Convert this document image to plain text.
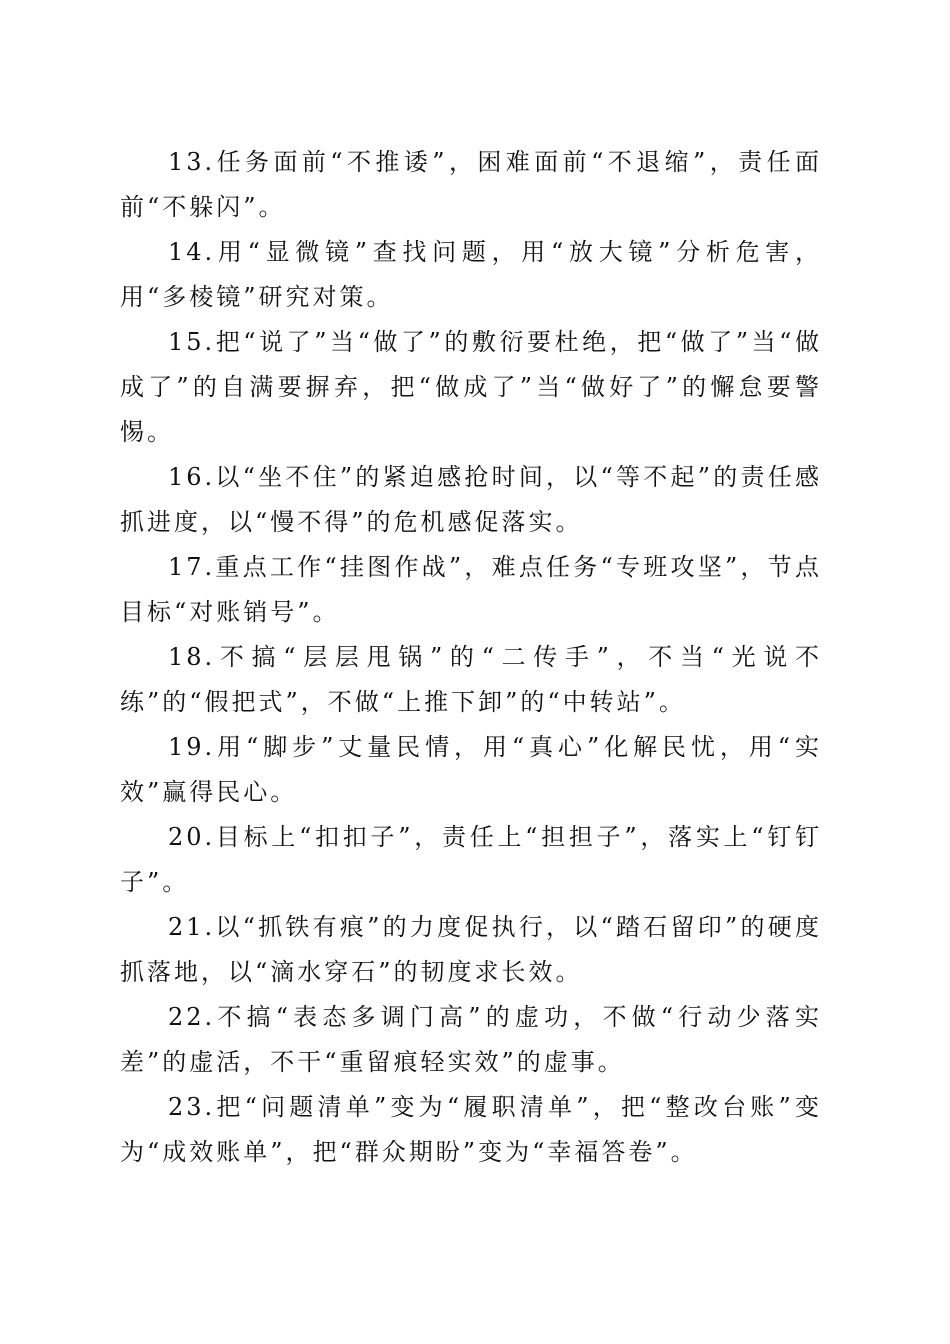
13.任务面前“不推诿”，困难面前“不退缩”，责任面前“不躲闪”。

14.用“显微镜”查找问题，用“放大镜”分析危害，用“多棱镜”研究对策。

15.把“说了”当“做了”的敷衍要杜绝，把“做了”当“做成了”的自满要摒弃，把“做成了”当“做好了”的懈怠要警惕。

16.以“坐不住”的紧迫感抢时间，以“等不起”的责任感抓进度，以“慢不得”的危机感促落实。

17.重点工作“挂图作战”，难点任务“专班攻坚”，节点目标“对账销号”。

18.不搞“层层甩锅”的“二传手”，不当“光说不练”的“假把式”，不做“上推下卸”的“中转站”。

19.用“脚步”丈量民情，用“真心”化解民忧，用“实效”赢得民心。

20.目标上“扣扣子”，责任上“担担子”，落实上“钉钉子”。

21.以“抓铁有痕”的力度促执行，以“踏石留印”的硬度抓落地，以“滴水穿石”的韧度求长效。

22.不搞“表态多调门高”的虚功，不做“行动少落实差”的虚活，不干“重留痕轻实效”的虚事。

23.把“问题清单”变为“履职清单”，把“整改台账”变为“成效账单”，把“群众期盼”变为“幸福答卷”。
